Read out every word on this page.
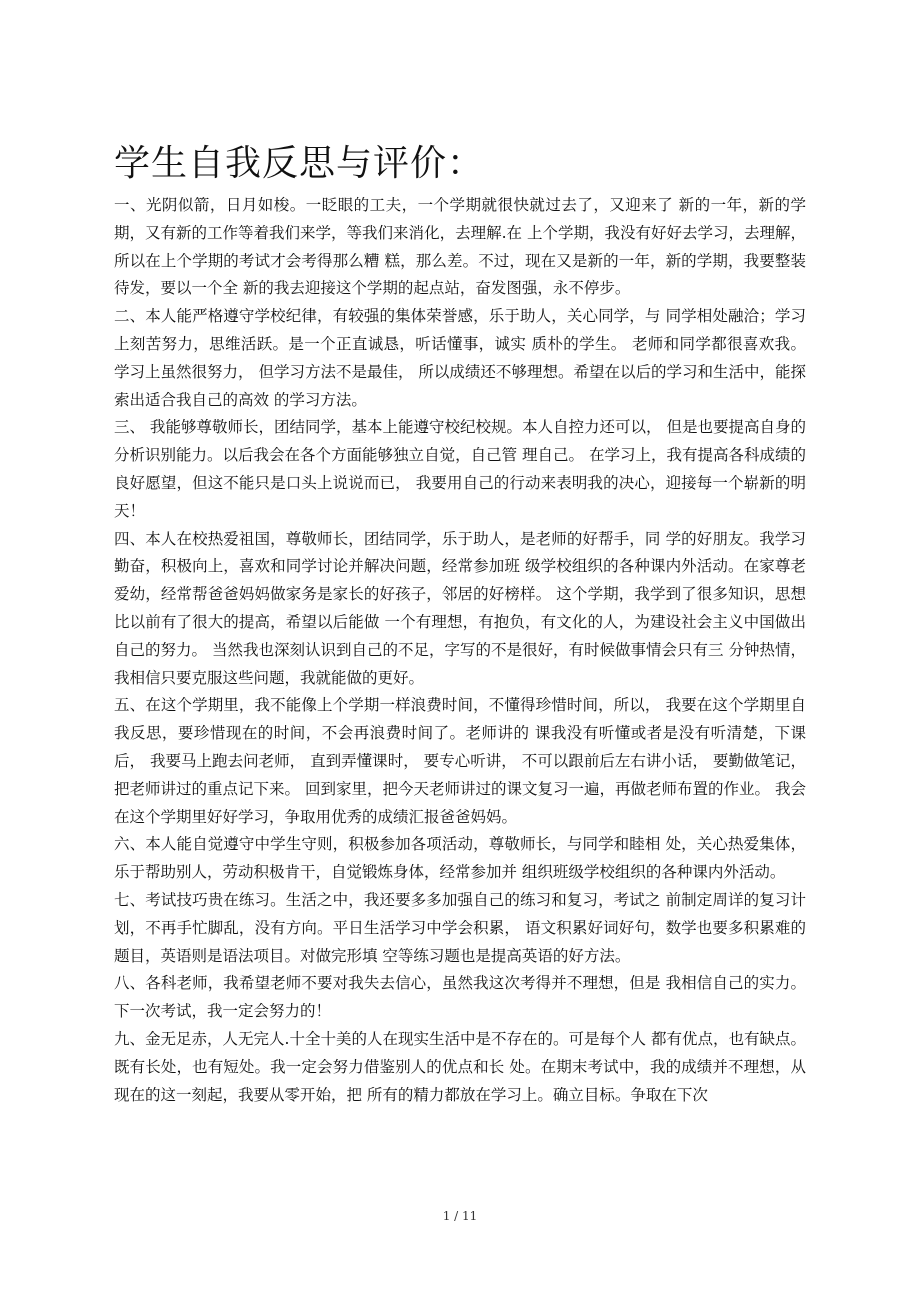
学生自我反思与评价：

一、光阴似箭，日月如梭。一眨眼的工夫，一个学期就很快就过去了，又迎来了 新的一年，新的学期，又有新的工作等着我们来学，等我们来消化，去理解.在 上个学期，我没有好好去学习，去理解，所以在上个学期的考试才会考得那么糟 糕，那么差。不过，现在又是新的一年，新的学期，我要整装待发，要以一个全 新的我去迎接这个学期的起点站，奋发图强，永不停步。

二、本人能严格遵守学校纪律，有较强的集体荣誉感，乐于助人，关心同学，与 同学相处融洽；学习上刻苦努力，思维活跃。是一个正直诚恳，听话懂事，诚实 质朴的学生。 老师和同学都很喜欢我。 学习上虽然很努力， 但学习方法不是最佳， 所以成绩还不够理想。希望在以后的学习和生活中，能探索出适合我自己的高效 的学习方法。

三、 我能够尊敬师长，团结同学，基本上能遵守校纪校规。本人自控力还可以， 但是也要提高自身的分析识别能力。以后我会在各个方面能够独立自觉，自己管 理自己。 在学习上，我有提高各科成绩的良好愿望，但这不能只是口头上说说而已， 我要用自己的行动来表明我的决心，迎接每一个崭新的明天！

四、本人在校热爱祖国，尊敬师长，团结同学，乐于助人，是老师的好帮手，同 学的好朋友。我学习勤奋，积极向上，喜欢和同学讨论并解决问题，经常参加班 级学校组织的各种课内外活动。在家尊老爱幼，经常帮爸爸妈妈做家务是家长的好孩子，邻居的好榜样。 这个学期，我学到了很多知识，思想比以前有了很大的提高，希望以后能做 一个有理想，有抱负，有文化的人，为建设社会主义中国做出自己的努力。 当然我也深刻认识到自己的不足，字写的不是很好，有时候做事情会只有三 分钟热情，我相信只要克服这些问题，我就能做的更好。

五、在这个学期里，我不能像上个学期一样浪费时间，不懂得珍惜时间，所以， 我要在这个学期里自我反思，要珍惜现在的时间，不会再浪费时间了。老师讲的 课我没有听懂或者是没有听清楚，下课后， 我要马上跑去问老师， 直到弄懂课时， 要专心听讲， 不可以跟前后左右讲小话， 要勤做笔记， 把老师讲过的重点记下来。 回到家里，把今天老师讲过的课文复习一遍，再做老师布置的作业。 我会在这个学期里好好学习，争取用优秀的成绩汇报爸爸妈妈。

六、本人能自觉遵守中学生守则，积极参加各项活动，尊敬师长，与同学和睦相 处，关心热爱集体，乐于帮助别人，劳动积极肯干，自觉锻炼身体，经常参加并 组织班级学校组织的各种课内外活动。

七、考试技巧贵在练习。生活之中，我还要多多加强自己的练习和复习，考试之 前制定周详的复习计划，不再手忙脚乱，没有方向。平日生活学习中学会积累， 语文积累好词好句，数学也要多积累难的题目，英语则是语法项目。对做完形填 空等练习题也是提高英语的好方法。

八、各科老师，我希望老师不要对我失去信心，虽然我这次考得并不理想，但是 我相信自己的实力。下一次考试，我一定会努力的！

九、金无足赤，人无完人.十全十美的人在现实生活中是不存在的。可是每个人 都有优点，也有缺点。既有长处，也有短处。我一定会努力借鉴别人的优点和长 处。在期末考试中，我的成绩并不理想，从现在的这一刻起，我要从零开始，把 所有的精力都放在学习上。确立目标。争取在下次

1 / 11
